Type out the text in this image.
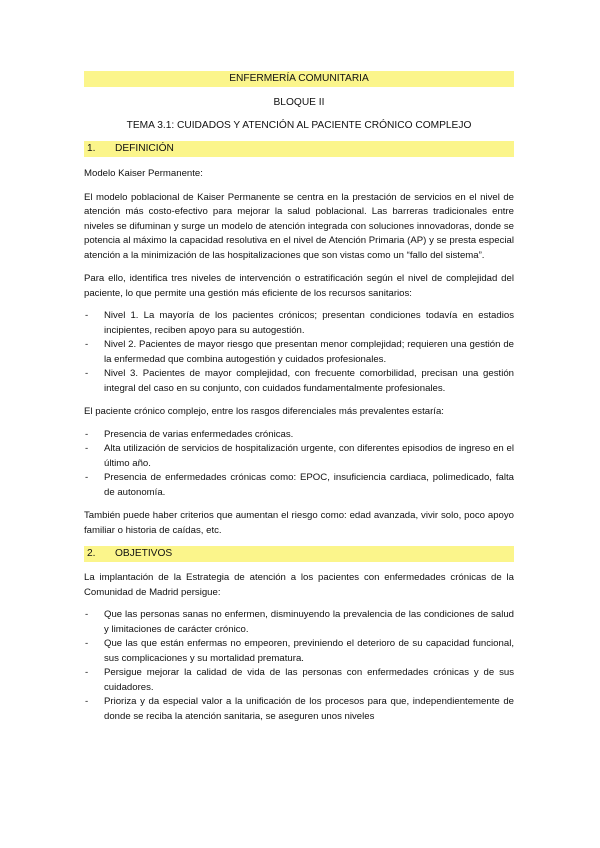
ENFERMERÍA COMUNITARIA
BLOQUE II
TEMA 3.1: CUIDADOS Y ATENCIÓN AL PACIENTE CRÓNICO COMPLEJO
1. DEFINICIÓN

Modelo Kaiser Permanente:

El modelo poblacional de Kaiser Permanente se centra en la prestación de servicios en el nivel de atención más costo-efectivo para mejorar la salud poblacional. Las barreras tradicionales entre niveles se difuminan y surge un modelo de atención integrada con soluciones innovadoras, donde se potencia al máximo la capacidad resolutiva en el nivel de Atención Primaria (AP) y se presta especial atención a la minimización de las hospitalizaciones que son vistas como un “fallo del sistema”.

Para ello, identifica tres niveles de intervención o estratificación según el nivel de complejidad del paciente, lo que permite una gestión más eficiente de los recursos sanitarios:

- Nivel 1. La mayoría de los pacientes crónicos; presentan condiciones todavía en estadios incipientes, reciben apoyo para su autogestión.
- Nivel 2. Pacientes de mayor riesgo que presentan menor complejidad; requieren una gestión de la enfermedad que combina autogestión y cuidados profesionales.
- Nivel 3. Pacientes de mayor complejidad, con frecuente comorbilidad, precisan una gestión integral del caso en su conjunto, con cuidados fundamentalmente profesionales.

El paciente crónico complejo, entre los rasgos diferenciales más prevalentes estaría:

- Presencia de varias enfermedades crónicas.
- Alta utilización de servicios de hospitalización urgente, con diferentes episodios de ingreso en el último año.
- Presencia de enfermedades crónicas como: EPOC, insuficiencia cardiaca, polimedicado, falta de autonomía.

También puede haber criterios que aumentan el riesgo como: edad avanzada, vivir solo, poco apoyo familiar o historia de caídas, etc.

2. OBJETIVOS

La implantación de la Estrategia de atención a los pacientes con enfermedades crónicas de la Comunidad de Madrid persigue:

- Que las personas sanas no enfermen, disminuyendo la prevalencia de las condiciones de salud y limitaciones de carácter crónico.
- Que las que están enfermas no empeoren, previniendo el deterioro de su capacidad funcional, sus complicaciones y su mortalidad prematura.
- Persigue mejorar la calidad de vida de las personas con enfermedades crónicas y de sus cuidadores.
- Prioriza y da especial valor a la unificación de los procesos para que, independientemente de donde se reciba la atención sanitaria, se aseguren unos niveles
